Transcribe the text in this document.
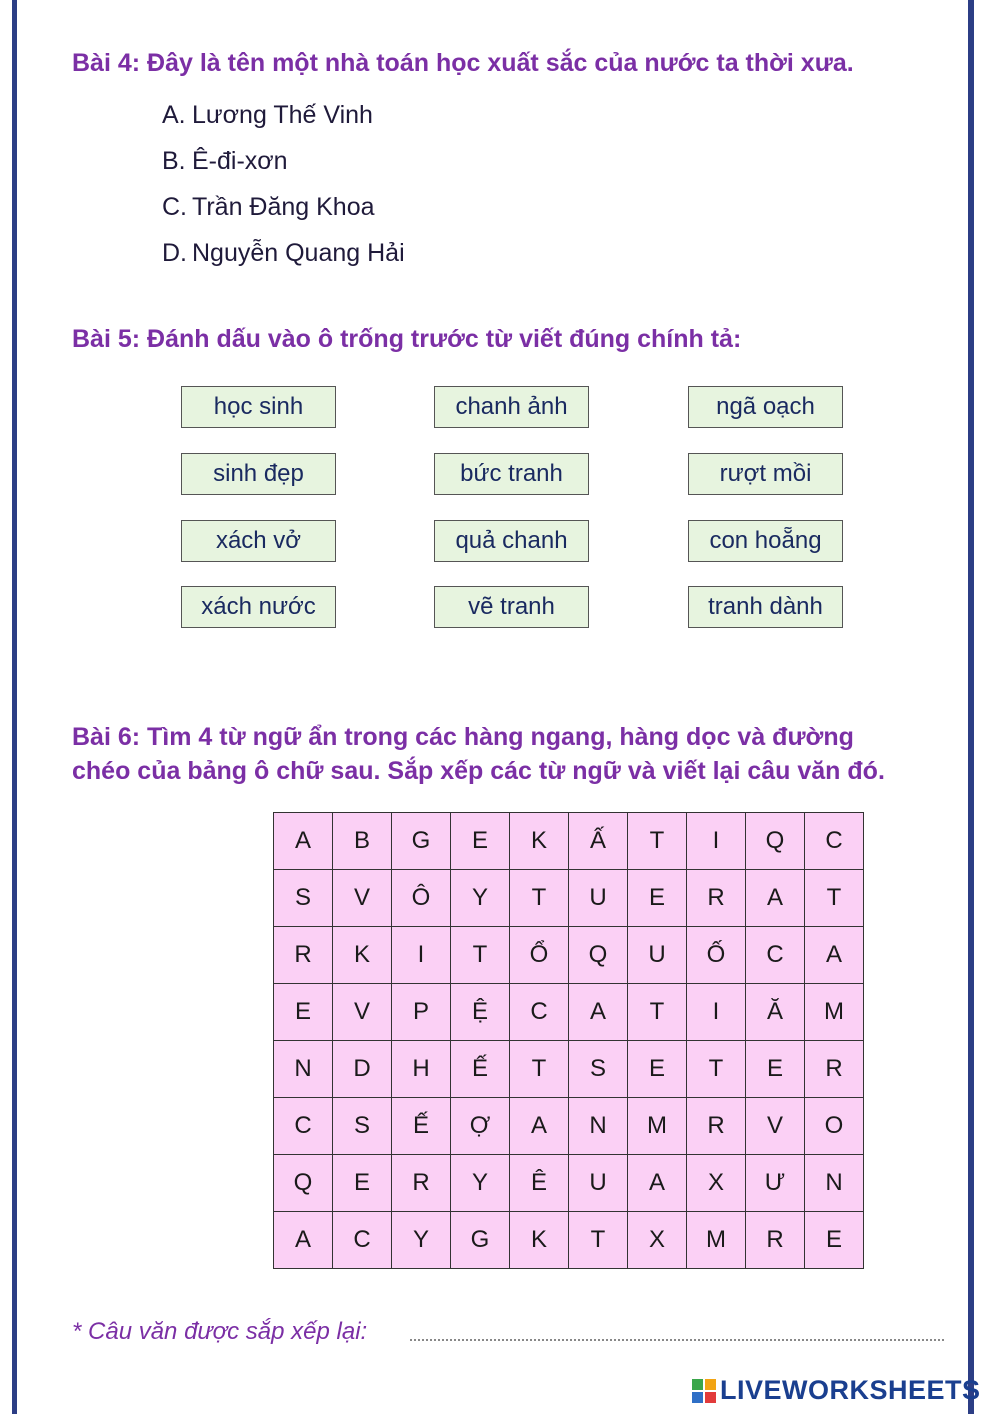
Bài 4: Đây là tên một nhà toán học xuất sắc của nước ta thời xưa.
A. Lương Thế Vinh
B. Ê-đi-xơn
C. Trần Đăng Khoa
D. Nguyễn Quang Hải
Bài 5: Đánh dấu vào ô trống trước từ viết đúng chính tả:
học sinh	chanh ảnh	ngã oạch
sinh đẹp	bức tranh	rượt mồi
xách vở	quả chanh	con hoẵng
xách nước	vẽ tranh	tranh dành
Bài 6: Tìm 4 từ ngữ ẩn trong các hàng ngang, hàng dọc và đường
chéo của bảng ô chữ sau. Sắp xếp các từ ngữ và viết lại câu văn đó.
A	B	G	E	K	Ấ	T	I	Q	C
S	V	Ô	Y	T	U	E	R	A	T
R	K	I	T	Ổ	Q	U	Ố	C	A
E	V	P	Ệ	C	A	T	I	Ă	M
N	D	H	Ế	T	S	E	T	E	R
C	S	Ế	Ợ	A	N	M	R	V	O
Q	E	R	Y	Ê	U	A	X	Ư	N
A	C	Y	G	K	T	X	M	R	E
* Câu văn được sắp xếp lại:
LIVEWORKSHEETS
